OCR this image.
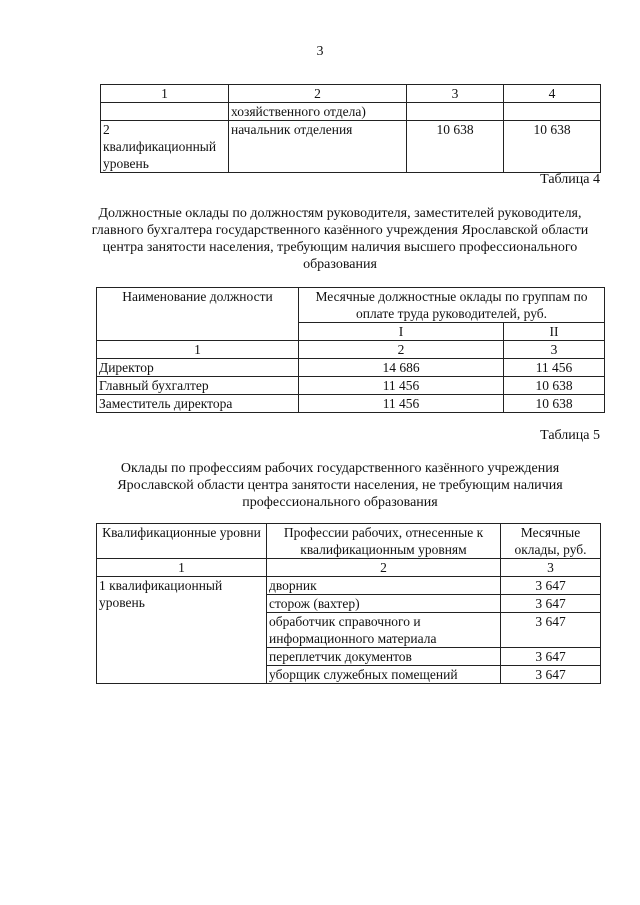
3
1	2	3	4
	хозяйственного отдела)		
2 квалификационный уровень	начальник отделения	10 638	10 638
Таблица 4
Должностные оклады по должностям руководителя, заместителей руководителя, главного бухгалтера государственного казённого учреждения Ярославской области центра занятости населения, требующим наличия высшего профессионального образования
Наименование должности	Месячные должностные оклады по группам по оплате труда руководителей, руб.	
	I	II
1	2	3
Директор	14 686	11 456
Главный бухгалтер	11 456	10 638
Заместитель директора	11 456	10 638
Таблица 5
Оклады по профессиям рабочих государственного казённого учреждения Ярославской области центра занятости населения, не требующим наличия профессионального образования
Квалификационные уровни	Профессии рабочих, отнесенные к квалификационным уровням	Месячные оклады, руб.
1	2	3
1 квалификационный уровень	дворник	3 647
	сторож (вахтер)	3 647
	обработчик справочного и информационного материала	3 647
	переплетчик документов	3 647
	уборщик служебных помещений	3 647
